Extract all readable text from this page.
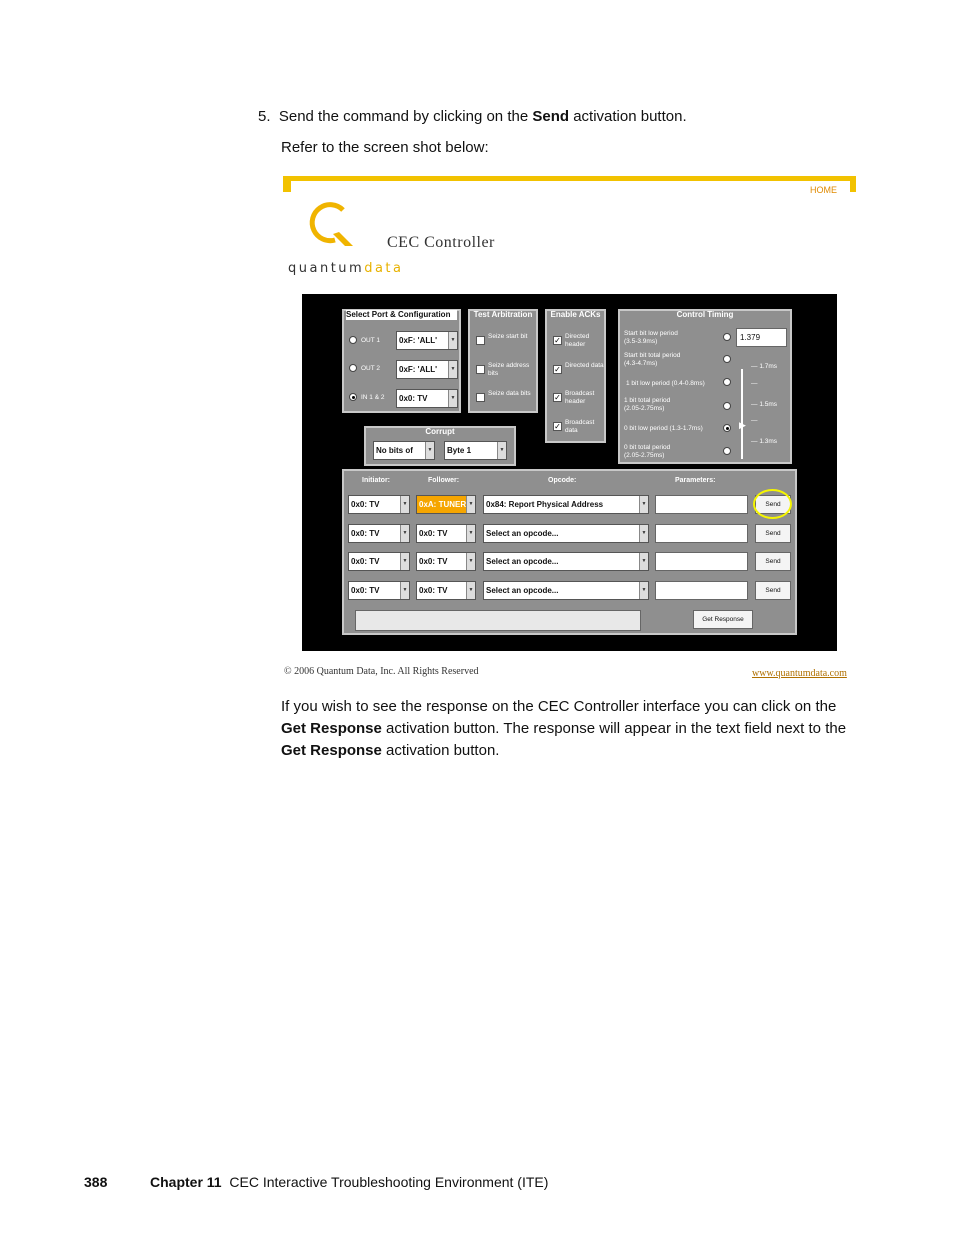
5. Send the command by clicking on the Send activation button.
Refer to the screen shot below:
HOME
quantumdata
CEC Controller
Select Port & Configuration
OUT 1	0xF: 'ALL' ▼
OUT 2	0xF: 'ALL' ▼
IN 1 & 2	0x0: TV ▼
Test Arbitration
Seize start bit
Seize address bits
Seize data bits
Enable ACKs
✓ Directed header
✓ Directed data
✓ Broadcast header
✓ Broadcast data
Control Timing
Start bit low period
(3.5-3.9ms)	1.379
Start bit total period
(4.3-4.7ms)
1 bit low period (0.4-0.8ms)
1 bit total period
(2.05-2.75ms)
0 bit low period (1.3-1.7ms)
0 bit total period
(2.05-2.75ms)
▶
— 1.7ms
—
— 1.5ms
—
— 1.3ms
Corrupt
No bits of ▼	Byte 1 ▼
Initiator:	Follower:	Opcode:	Parameters:
0x0: TV ▼	0xA: TUNER ▼	0x84: Report Physical Address ▼	Send
0x0: TV ▼	0x0: TV ▼	Select an opcode... ▼	Send
0x0: TV ▼	0x0: TV ▼	Select an opcode... ▼	Send
0x0: TV ▼	0x0: TV ▼	Select an opcode... ▼	Send
Get Response
© 2006 Quantum Data, Inc. All Rights Reserved	www.quantumdata.com
If you wish to see the response on the CEC Controller interface you can click on the
Get Response activation button. The response will appear in the text field next to the
Get Response activation button.
388	Chapter 11 CEC Interactive Troubleshooting Environment (ITE)
